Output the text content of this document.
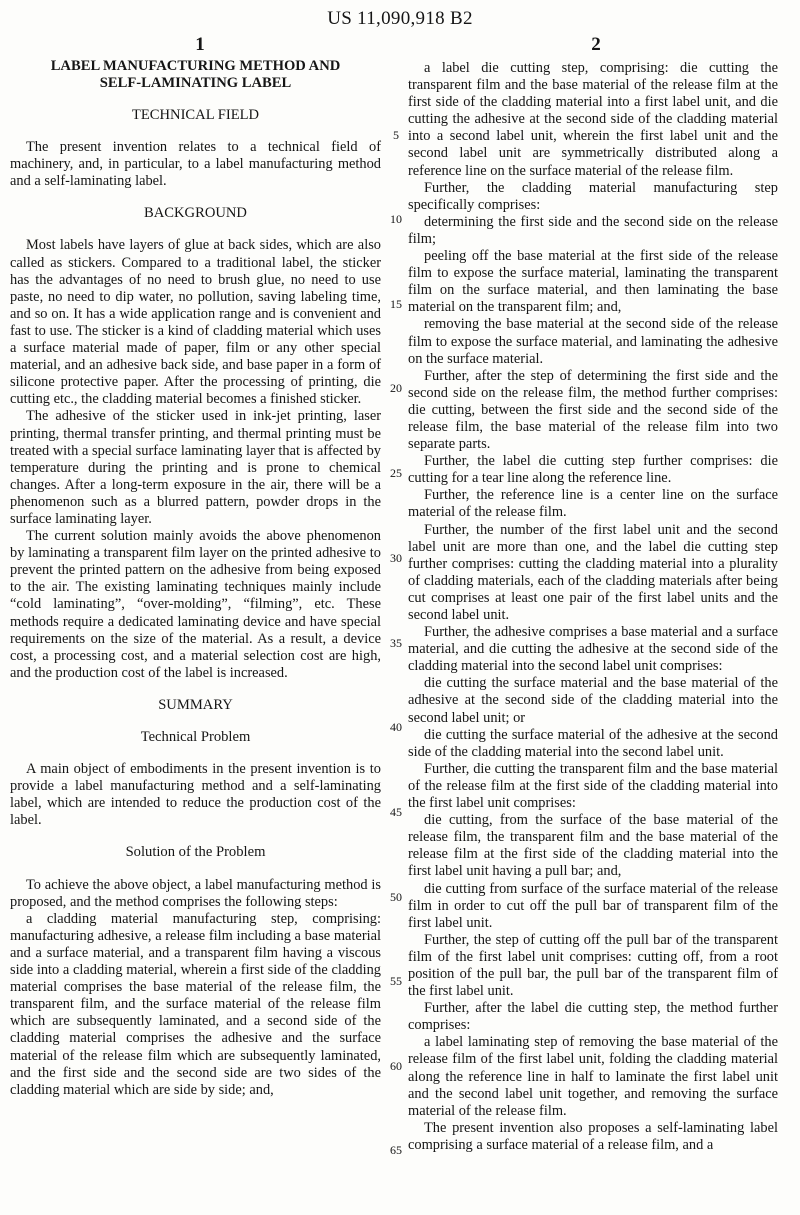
US 11,090,918 B2
1	2
LABEL MANUFACTURING METHOD AND
SELF-LAMINATING LABEL
TECHNICAL FIELD

The present invention relates to a technical field of machinery, and, in particular, to a label manufacturing method and a self-laminating label.

BACKGROUND

Most labels have layers of glue at back sides, which are also called as stickers. Compared to a traditional label, the sticker has the advantages of no need to brush glue, no need to use paste, no need to dip water, no pollution, saving labeling time, and so on. It has a wide application range and is convenient and fast to use. The sticker is a kind of cladding material which uses a surface material made of paper, film or any other special material, and an adhesive back side, and base paper in a form of silicone protective paper. After the processing of printing, die cutting etc., the cladding material becomes a finished sticker.

The adhesive of the sticker used in ink-jet printing, laser printing, thermal transfer printing, and thermal printing must be treated with a special surface laminating layer that is affected by temperature during the printing and is prone to chemical changes. After a long-term exposure in the air, there will be a phenomenon such as a blurred pattern, powder drops in the surface laminating layer.

The current solution mainly avoids the above phenomenon by laminating a transparent film layer on the printed adhesive to prevent the printed pattern on the adhesive from being exposed to the air. The existing laminating techniques mainly include “cold laminating”, “over-molding”, “filming”, etc. These methods require a dedicated laminating device and have special requirements on the size of the material. As a result, a device cost, a processing cost, and a material selection cost are high, and the production cost of the label is increased.

SUMMARY
Technical Problem

A main object of embodiments in the present invention is to provide a label manufacturing method and a self-laminating label, which are intended to reduce the production cost of the label.

Solution of the Problem

To achieve the above object, a label manufacturing method is proposed, and the method comprises the following steps:

a cladding material manufacturing step, comprising: manufacturing adhesive, a release film including a base material and a surface material, and a transparent film having a viscous side into a cladding material, wherein a first side of the cladding material comprises the base material of the release film, the transparent film, and the surface material of the release film which are subsequently laminated, and a second side of the cladding material comprises the adhesive and the surface material of the release film which are subsequently laminated, and the first side and the second side are two sides of the cladding material which are side by side; and,

a label die cutting step, comprising: die cutting the transparent film and the base material of the release film at the first side of the cladding material into a first label unit, and die cutting the adhesive at the second side of the cladding material into a second label unit, wherein the first label unit and the second label unit are symmetrically distributed along a reference line on the surface material of the release film.

Further, the cladding material manufacturing step specifically comprises:

determining the first side and the second side on the release film;

peeling off the base material at the first side of the release film to expose the surface material, laminating the transparent film on the surface material, and then laminating the base material on the transparent film; and,

removing the base material at the second side of the release film to expose the surface material, and laminating the adhesive on the surface material.

Further, after the step of determining the first side and the second side on the release film, the method further comprises: die cutting, between the first side and the second side of the release film, the base material of the release film into two separate parts.

Further, the label die cutting step further comprises: die cutting for a tear line along the reference line.

Further, the reference line is a center line on the surface material of the release film.

Further, the number of the first label unit and the second label unit are more than one, and the label die cutting step further comprises: cutting the cladding material into a plurality of cladding materials, each of the cladding materials after being cut comprises at least one pair of the first label units and the second label unit.

Further, the adhesive comprises a base material and a surface material, and die cutting the adhesive at the second side of the cladding material into the second label unit comprises:

die cutting the surface material and the base material of the adhesive at the second side of the cladding material into the second label unit; or

die cutting the surface material of the adhesive at the second side of the cladding material into the second label unit.

Further, die cutting the transparent film and the base material of the release film at the first side of the cladding material into the first label unit comprises:

die cutting, from the surface of the base material of the release film, the transparent film and the base material of the release film at the first side of the cladding material into the first label unit having a pull bar; and,

die cutting from surface of the surface material of the release film in order to cut off the pull bar of transparent film of the first label unit.

Further, the step of cutting off the pull bar of the transparent film of the first label unit comprises: cutting off, from a root position of the pull bar, the pull bar of the transparent film of the first label unit.

Further, after the label die cutting step, the method further comprises:

a label laminating step of removing the base material of the release film of the first label unit, folding the cladding material along the reference line in half to laminate the first label unit and the second label unit together, and removing the surface material of the release film.

The present invention also proposes a self-laminating label comprising a surface material of a release film, and a

5
10
15
20
25
30
35
40
45
50
55
60
65
